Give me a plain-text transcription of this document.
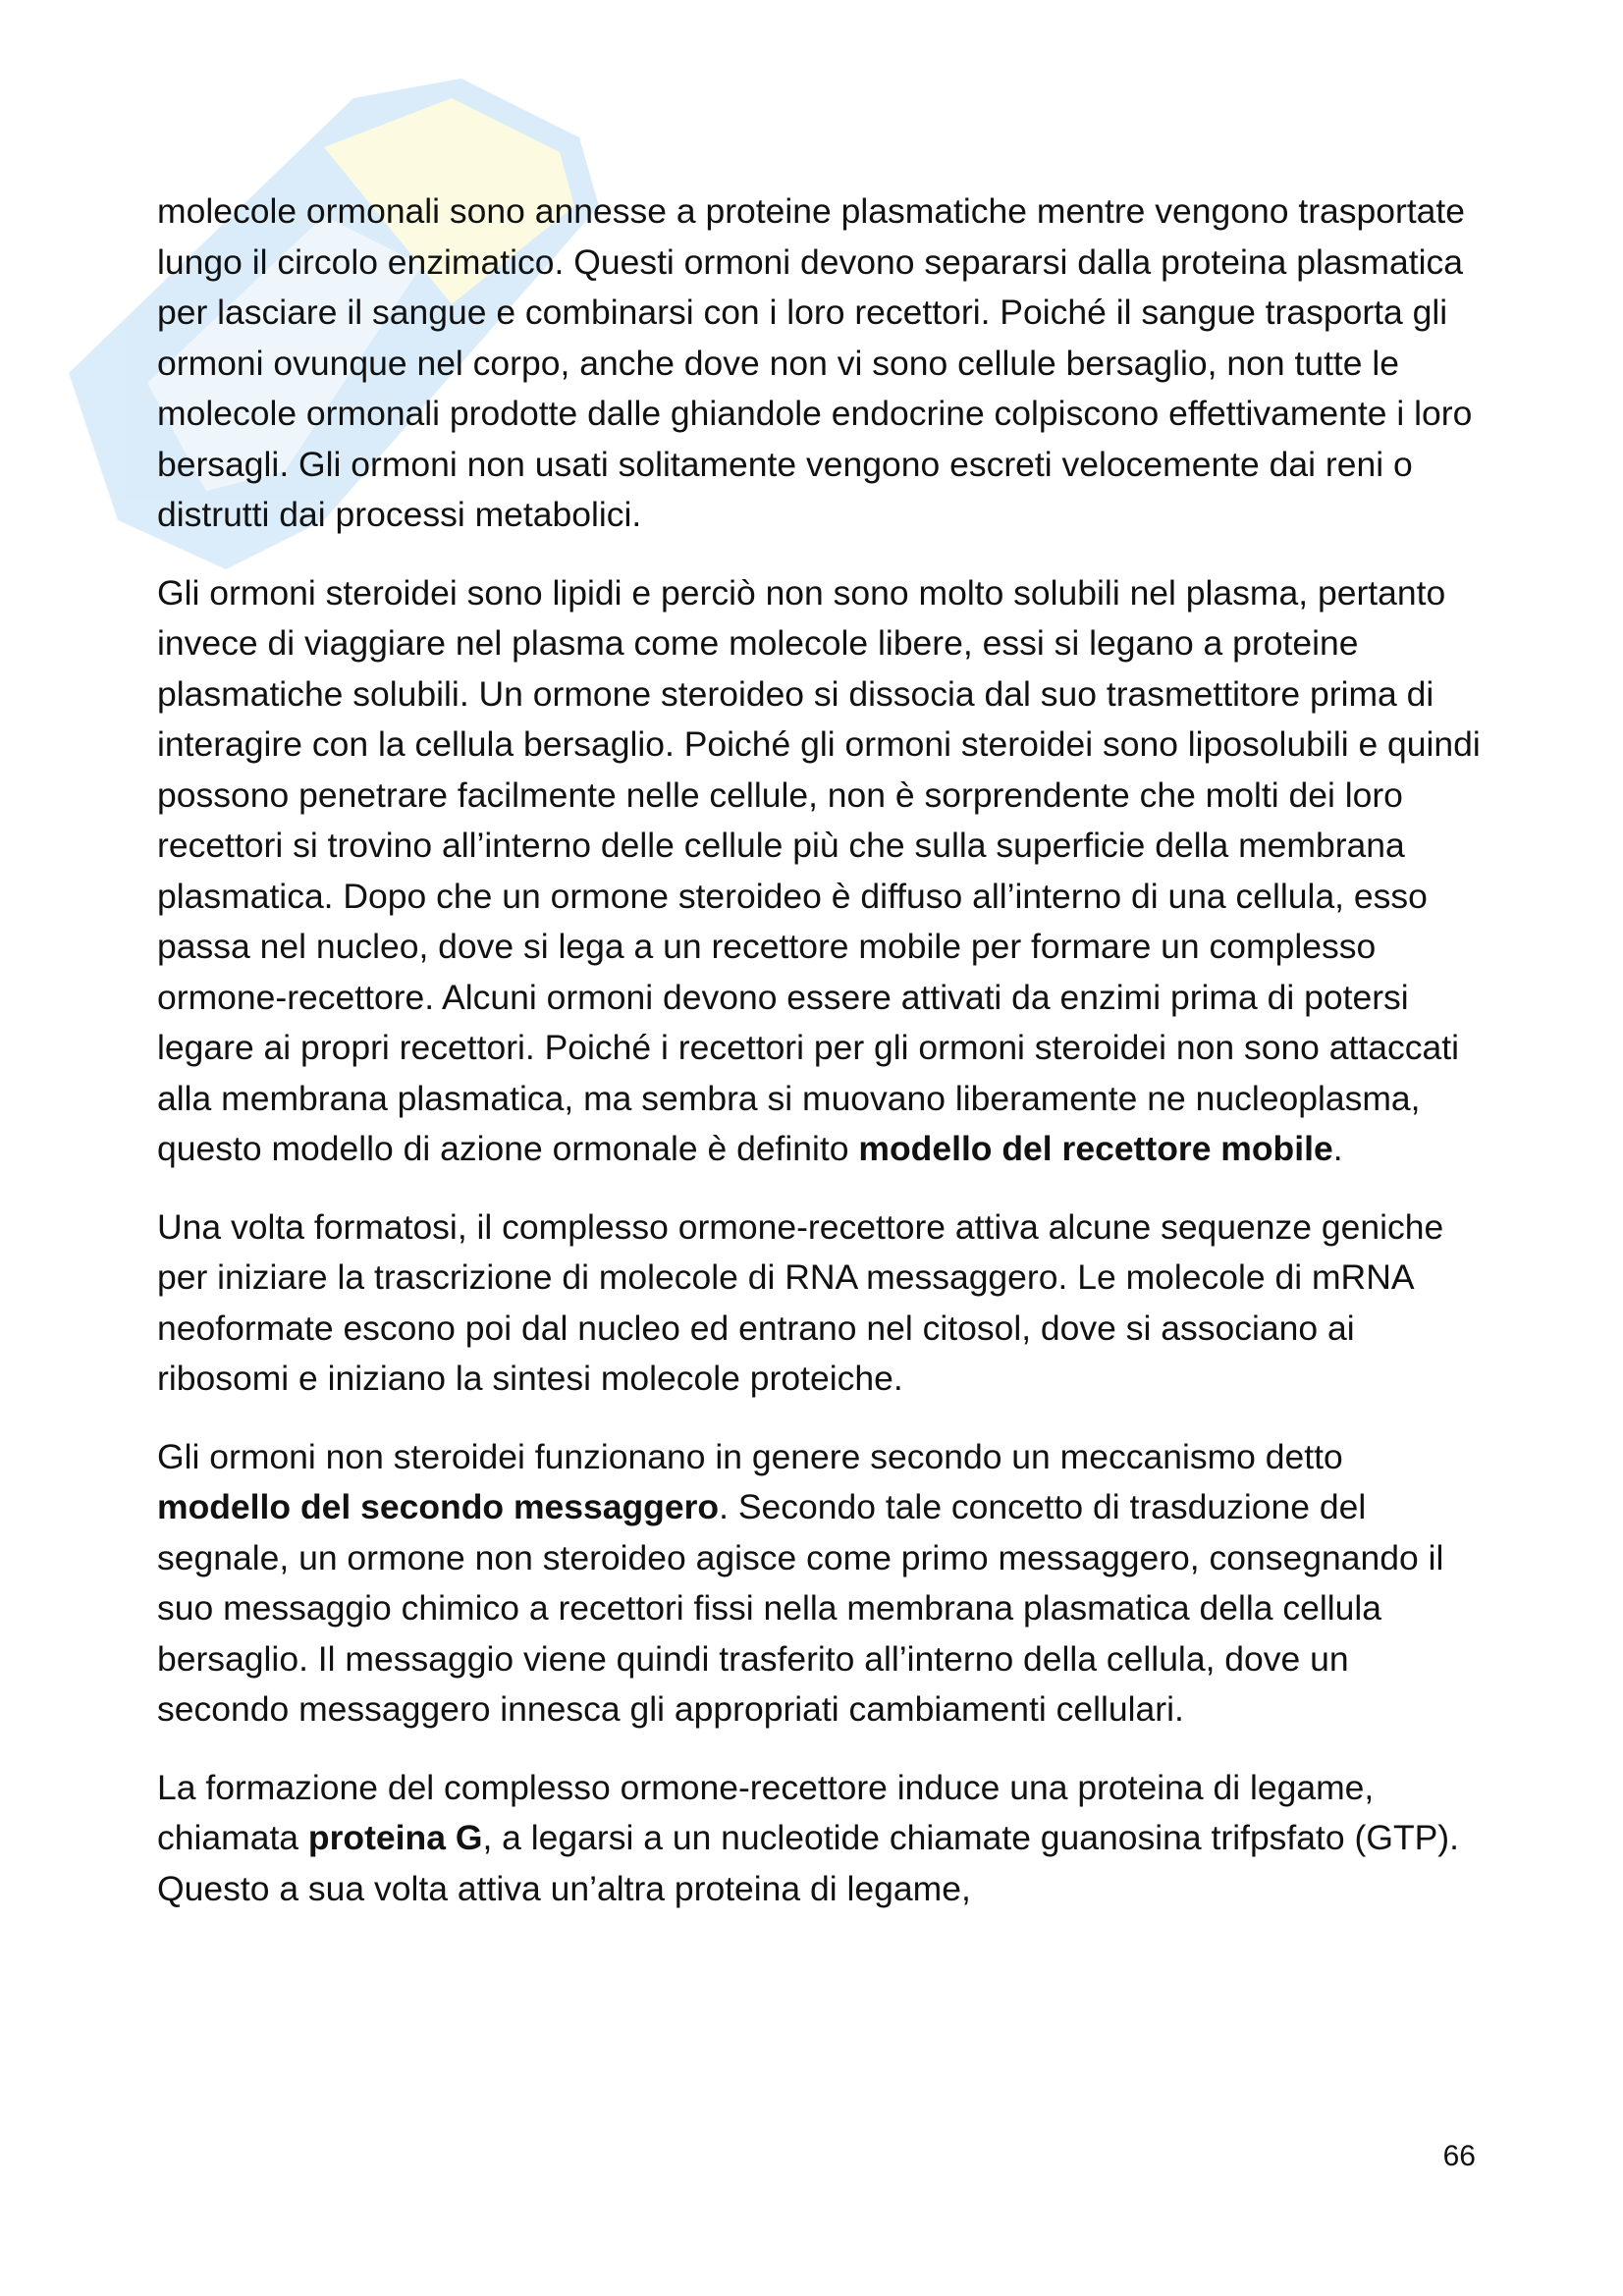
molecole ormonali sono annesse a proteine plasmatiche mentre vengono trasportate lungo il circolo enzimatico. Questi ormoni devono separarsi dalla proteina plasmatica per lasciare il sangue e combinarsi con i loro recettori. Poiché il sangue trasporta gli ormoni ovunque nel corpo, anche dove non vi sono cellule bersaglio, non tutte le molecole ormonali prodotte dalle ghiandole endocrine colpiscono effettivamente i loro bersagli. Gli ormoni non usati solitamente vengono escreti velocemente dai reni o distrutti dai processi metabolici.

Gli ormoni steroidei sono lipidi e perciò non sono molto solubili nel plasma, pertanto invece di viaggiare nel plasma come molecole libere, essi si legano a proteine plasmatiche solubili. Un ormone steroideo si dissocia dal suo trasmettitore prima di interagire con la cellula bersaglio. Poiché gli ormoni steroidei sono liposolubili e quindi possono penetrare facilmente nelle cellule, non è sorprendente che molti dei loro recettori si trovino all’interno delle cellule più che sulla superficie della membrana plasmatica. Dopo che un ormone steroideo è diffuso all’interno di una cellula, esso passa nel nucleo, dove si lega a un recettore mobile per formare un complesso ormone-recettore. Alcuni ormoni devono essere attivati da enzimi prima di potersi legare ai propri recettori. Poiché i recettori per gli ormoni steroidei non sono attaccati alla membrana plasmatica, ma sembra si muovano liberamente ne nucleoplasma, questo modello di azione ormonale è definito modello del recettore mobile.

Una volta formatosi, il complesso ormone-recettore attiva alcune sequenze geniche per iniziare la trascrizione di molecole di RNA messaggero. Le molecole di mRNA neoformate escono poi dal nucleo ed entrano nel citosol, dove si associano ai ribosomi e iniziano la sintesi molecole proteiche.

Gli ormoni non steroidei funzionano in genere secondo un meccanismo detto modello del secondo messaggero. Secondo tale concetto di trasduzione del segnale, un ormone non steroideo agisce come primo messaggero, consegnando il suo messaggio chimico a recettori fissi nella membrana plasmatica della cellula bersaglio. Il messaggio viene quindi trasferito all’interno della cellula, dove un secondo messaggero innesca gli appropriati cambiamenti cellulari.

La formazione del complesso ormone-recettore induce una proteina di legame, chiamata proteina G, a legarsi a un nucleotide chiamate guanosina trifpsfato (GTP). Questo a sua volta attiva un’altra proteina di legame,

66
